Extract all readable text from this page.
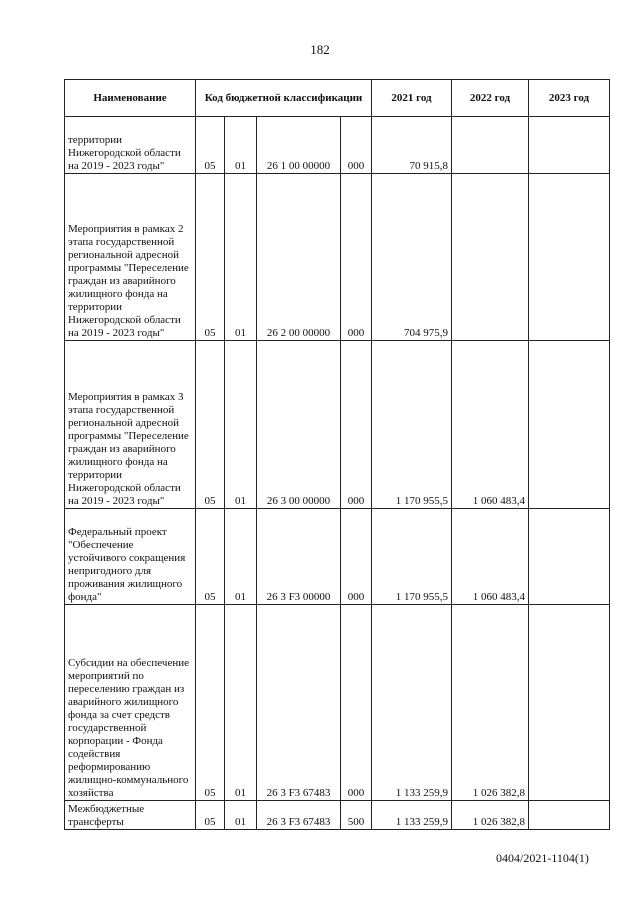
182
Наименование	Код бюджетной классификации				2021 год	2022 год	2023 год
территории Нижегородской области на 2019 - 2023 годы"	05	01	26 1 00 00000	000	70 915,8		
Мероприятия в рамках 2 этапа государственной региональной адресной программы "Переселение граждан из аварийного жилищного фонда на территории Нижегородской области на 2019 - 2023 годы"	05	01	26 2 00 00000	000	704 975,9		
Мероприятия в рамках 3 этапа государственной региональной адресной программы "Переселение граждан из аварийного жилищного фонда на территории Нижегородской области на 2019 - 2023 годы"	05	01	26 3 00 00000	000	1 170 955,5	1 060 483,4	
Федеральный проект "Обеспечение устойчивого сокращения непригодного для проживания жилищного фонда"	05	01	26 3 F3 00000	000	1 170 955,5	1 060 483,4	
Субсидии на обеспечение мероприятий по переселению граждан из аварийного жилищного фонда за счет средств государственной корпорации - Фонда содействия реформированию жилищно-коммунального хозяйства	05	01	26 3 F3 67483	000	1 133 259,9	1 026 382,8	
Межбюджетные трансферты	05	01	26 3 F3 67483	500	1 133 259,9	1 026 382,8	
0404/2021-1104(1)
